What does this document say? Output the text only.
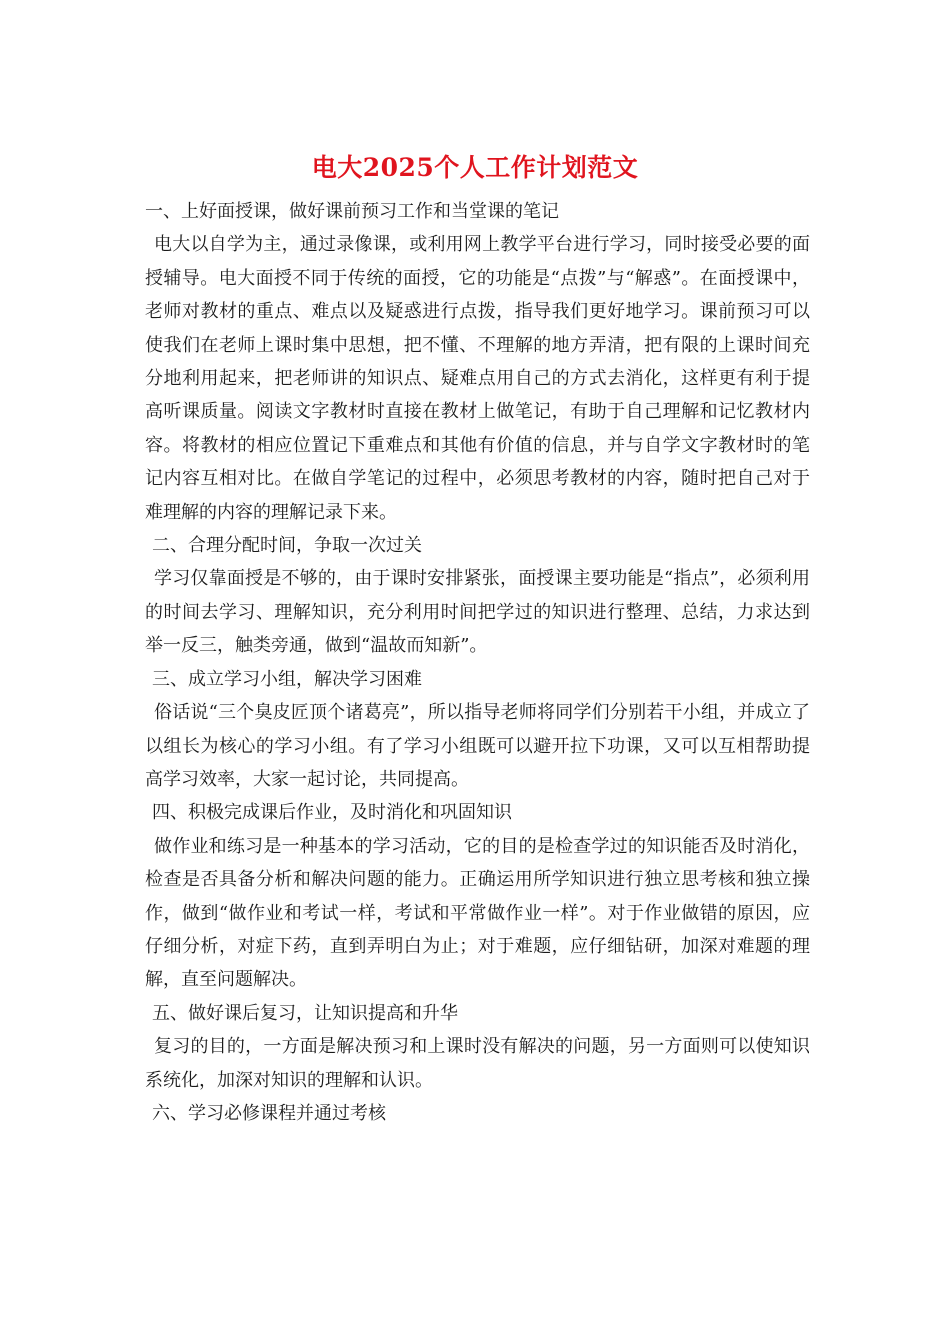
电大2025个人工作计划范文

一、上好面授课，做好课前预习工作和当堂课的笔记

电大以自学为主，通过录像课，或利用网上教学平台进行学习，同时接受必要的面授辅导。电大面授不同于传统的面授，它的功能是“点拨”与“解惑”。在面授课中，老师对教材的重点、难点以及疑惑进行点拨，指导我们更好地学习。课前预习可以使我们在老师上课时集中思想，把不懂、不理解的地方弄清，把有限的上课时间充分地利用起来，把老师讲的知识点、疑难点用自己的方式去消化，这样更有利于提高听课质量。阅读文字教材时直接在教材上做笔记，有助于自己理解和记忆教材内容。将教材的相应位置记下重难点和其他有价值的信息，并与自学文字教材时的笔记内容互相对比。在做自学笔记的过程中，必须思考教材的内容，随时把自己对于难理解的内容的理解记录下来。

二、合理分配时间，争取一次过关

学习仅靠面授是不够的，由于课时安排紧张，面授课主要功能是“指点”，必须利用的时间去学习、理解知识，充分利用时间把学过的知识进行整理、总结，力求达到举一反三，触类旁通，做到“温故而知新”。

三、成立学习小组，解决学习困难

俗话说“三个臭皮匠顶个诸葛亮”，所以指导老师将同学们分别若干小组，并成立了以组长为核心的学习小组。有了学习小组既可以避开拉下功课，又可以互相帮助提高学习效率，大家一起讨论，共同提高。

四、积极完成课后作业，及时消化和巩固知识

做作业和练习是一种基本的学习活动，它的目的是检查学过的知识能否及时消化，检查是否具备分析和解决问题的能力。正确运用所学知识进行独立思考核和独立操作，做到“做作业和考试一样，考试和平常做作业一样”。对于作业做错的原因，应仔细分析，对症下药，直到弄明白为止；对于难题，应仔细钻研，加深对难题的理解，直至问题解决。

五、做好课后复习，让知识提高和升华

复习的目的，一方面是解决预习和上课时没有解决的问题，另一方面则可以使知识系统化，加深对知识的理解和认识。

六、学习必修课程并通过考核
